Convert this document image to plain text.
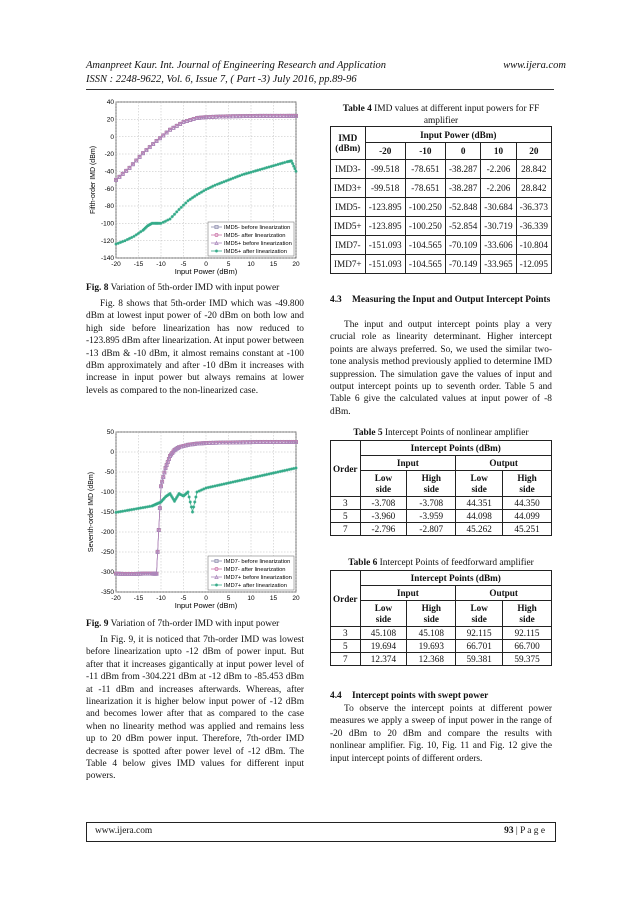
Amanpreet Kaur. Int. Journal of Engineering Research and Application	www.ijera.com
ISSN : 2248-9622, Vol. 6, Issue 7, ( Part -3) July 2016, pp.89-96
-20 -15 -10 -5	0	5	10 15 20
40
20
0
-20
-40
-60
-80
-100
-120
-140
Input Power (dBm)
Fifth-order IMD (dBm)
IMD5- before linearization
IMD5- after linearization
IMD5+ before linearization
IMD5+ after linearization
Fig. 8 Variation of 5th-order IMD with input power
Fig. 8 shows that 5th-order IMD which was -49.800 dBm at lowest input power of -20 dBm on both low and high side before linearization has now reduced to -123.895 dBm after linearization. At input power between -13 dBm & -10 dBm, it almost remains constant at -100 dBm approximately and after -10 dBm it increases with increase in input power but always remains at lower levels as compared to the non-linearized case.
-20 -15 -10 -5	0	5	10 15 20
50
0
-50
-100
-150
-200
-250
-300
-350
Input Power (dBm)
Seventh-order IMD (dBm)
IMD7- before linearization
IMD7- after linearization
IMD7+ before linearization
IMD7+ after linearization
Fig. 9 Variation of 7th-order IMD with input power
In Fig. 9, it is noticed that 7th-order IMD was lowest before linearization upto -12 dBm of power input. But after that it increases gigantically at input power level of -11 dBm from -304.221 dBm at -12 dBm to -85.453 dBm at -11 dBm and increases afterwards. Whereas, after linearization it is higher below input power of -12 dBm and becomes lower after that as compared to the case when no linearity method was applied and remains less up to 20 dBm power input. Therefore, 7th-order IMD decrease is spotted after power level of -12 dBm. The Table 4 below gives IMD values for different input powers.
Table 4 IMD values at different input powers for FF amplifier
IMD
(dBm)	Input Power (dBm)				
	-20	-10	0	10	20
IMD3-	-99.518	-78.651	-38.287	-2.206	28.842
IMD3+	-99.518	-78.651	-38.287	-2.206	28.842
IMD5-	-123.895	-100.250	-52.848	-30.684	-36.373
IMD5+	-123.895	-100.250	-52.854	-30.719	-36.339
IMD7-	-151.093	-104.565	-70.109	-33.606	-10.804
IMD7+	-151.093	-104.565	-70.149	-33.965	-12.095
4.3 Measuring the Input and Output Intercept Points
The input and output intercept points play a very crucial role as linearity determinant. Higher intercept points are always preferred. So, we used the similar two-tone analysis method previously applied to determine IMD suppression. The simulation gave the values of input and output intercept points up to seventh order. Table 5 and Table 6 give the calculated values at input power of -8 dBm.
Table 5 Intercept Points of nonlinear amplifier
Order	Intercept Points (dBm)			
	Input		Output	
	Low side	High side	Low side	High side
3	-3.708	-3.708	44.351	44.350
5	-3.960	-3.959	44.098	44.099
7	-2.796	-2.807	45.262	45.251
Table 6 Intercept Points of feedforward amplifier
Order	Intercept Points (dBm)			
	Input		Output	
	Low side	High side	Low side	High side
3	45.108	45.108	92.115	92.115
5	19.694	19.693	66.701	66.700
7	12.374	12.368	59.381	59.375
4.4 Intercept points with swept power
To observe the intercept points at different power measures we apply a sweep of input power in the range of -20 dBm to 20 dBm and compare the results with nonlinear amplifier. Fig. 10, Fig. 11 and Fig. 12 give the input intercept points of different orders.
www.ijera.com	93 | P a g e
